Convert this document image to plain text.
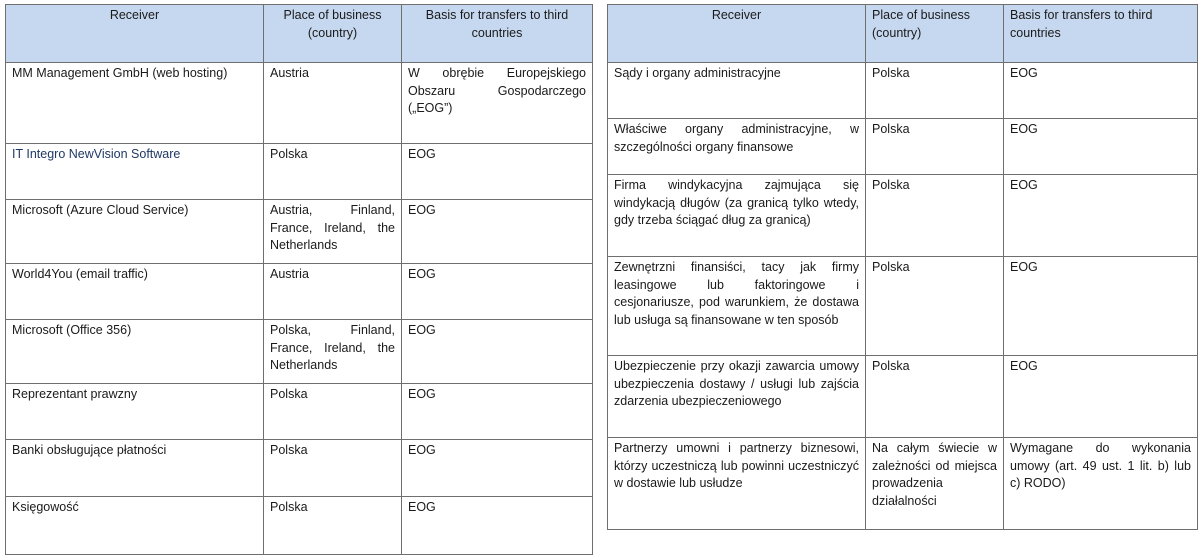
Receiver	Place of business (country)	Basis for transfers to third countries
MM Management GmbH (web hosting)	Austria	W obrębie Europejskiego Obszaru Gospodarczego („EOG”)
IT Integro NewVision Software	Polska	EOG
Microsoft (Azure Cloud Service)	Austria, Finland, France, Ireland, the Netherlands	EOG
World4You (email traffic)	Austria	EOG
Microsoft (Office 356)	Polska, Finland, France, Ireland, the Netherlands	EOG
Reprezentant prawzny	Polska	EOG
Banki obsługujące płatności	Polska	EOG
Księgowość	Polska	EOG
Receiver	Place of business (country)	Basis for transfers to third countries
Sądy i organy administracyjne	Polska	EOG
Właściwe organy administracyjne, w szczególności organy finansowe	Polska	EOG
Firma windykacyjna zajmująca się windykacją długów (za granicą tylko wtedy, gdy trzeba ściągać dług za granicą)	Polska	EOG
Zewnętrzni finansiści, tacy jak firmy leasingowe lub faktoringowe i cesjonariusze, pod warunkiem, że dostawa lub usługa są finansowane w ten sposób	Polska	EOG
Ubezpieczenie przy okazji zawarcia umowy ubezpieczenia dostawy / usługi lub zajścia zdarzenia ubezpieczeniowego	Polska	EOG
Partnerzy umowni i partnerzy biznesowi, którzy uczestniczą lub powinni uczestniczyć w dostawie lub usłudze	Na całym świecie w zależności od miejsca prowadzenia działalności	Wymagane do wykonania umowy (art. 49 ust. 1 lit. b) lub c) RODO)
